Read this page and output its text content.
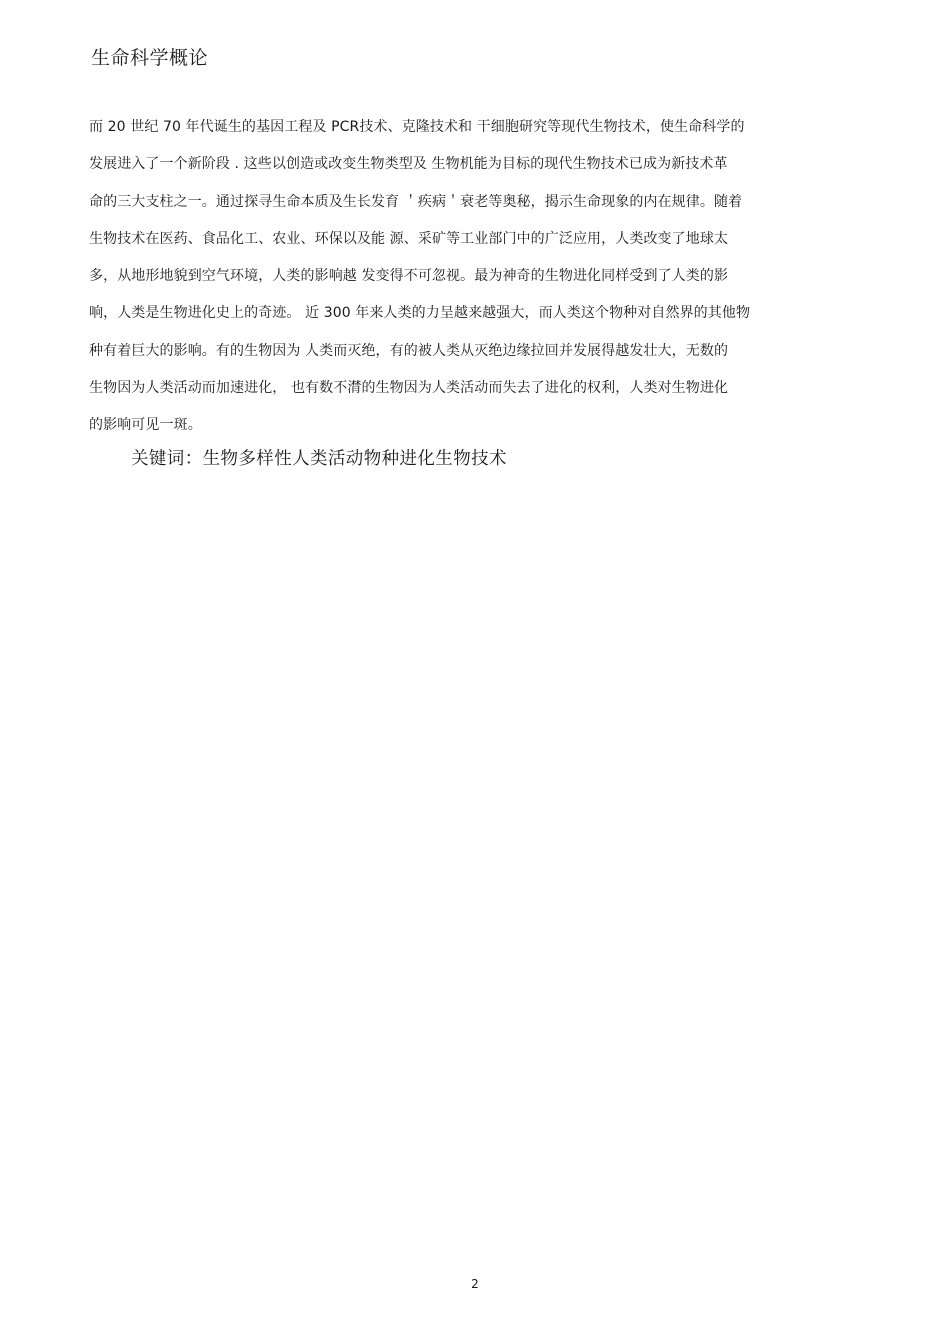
生命科学概论
而 20 世纪 70 年代诞生的基因工程及 PCR技术、克隆技术和 干细胞研究等现代生物技术，使生命科学的
发展进入了一个新阶段 . 这些以创造或改变生物类型及 生物机能为目标的现代生物技术已成为新技术革
命的三大支柱之一。通过探寻生命本质及生长发育 ＇疾病＇衰老等奥秘，揭示生命现象的内在规律。随着
生物技术在医药、食品化工、农业、环保以及能 源、采矿等工业部门中的广泛应用，人类改变了地球太
多，从地形地貌到空气环境，人类的影响越 发变得不可忽视。最为神奇的生物进化同样受到了人类的影
响，人类是生物进化史上的奇迹。 近 300 年来人类的力呈越来越强大，而人类这个物种对自然界的其他物
种有着巨大的影响。有的生物因为 人类而灭绝，有的被人类从灭绝边缘拉回并发展得越发壮大，无数的
生物因为人类活动而加速进化， 也有数不潸的生物因为人类活动而失去了进化的权利，人类对生物进化
的影响可见一斑。
关键词：生物多样性人类活动物种进化生物技术
2
